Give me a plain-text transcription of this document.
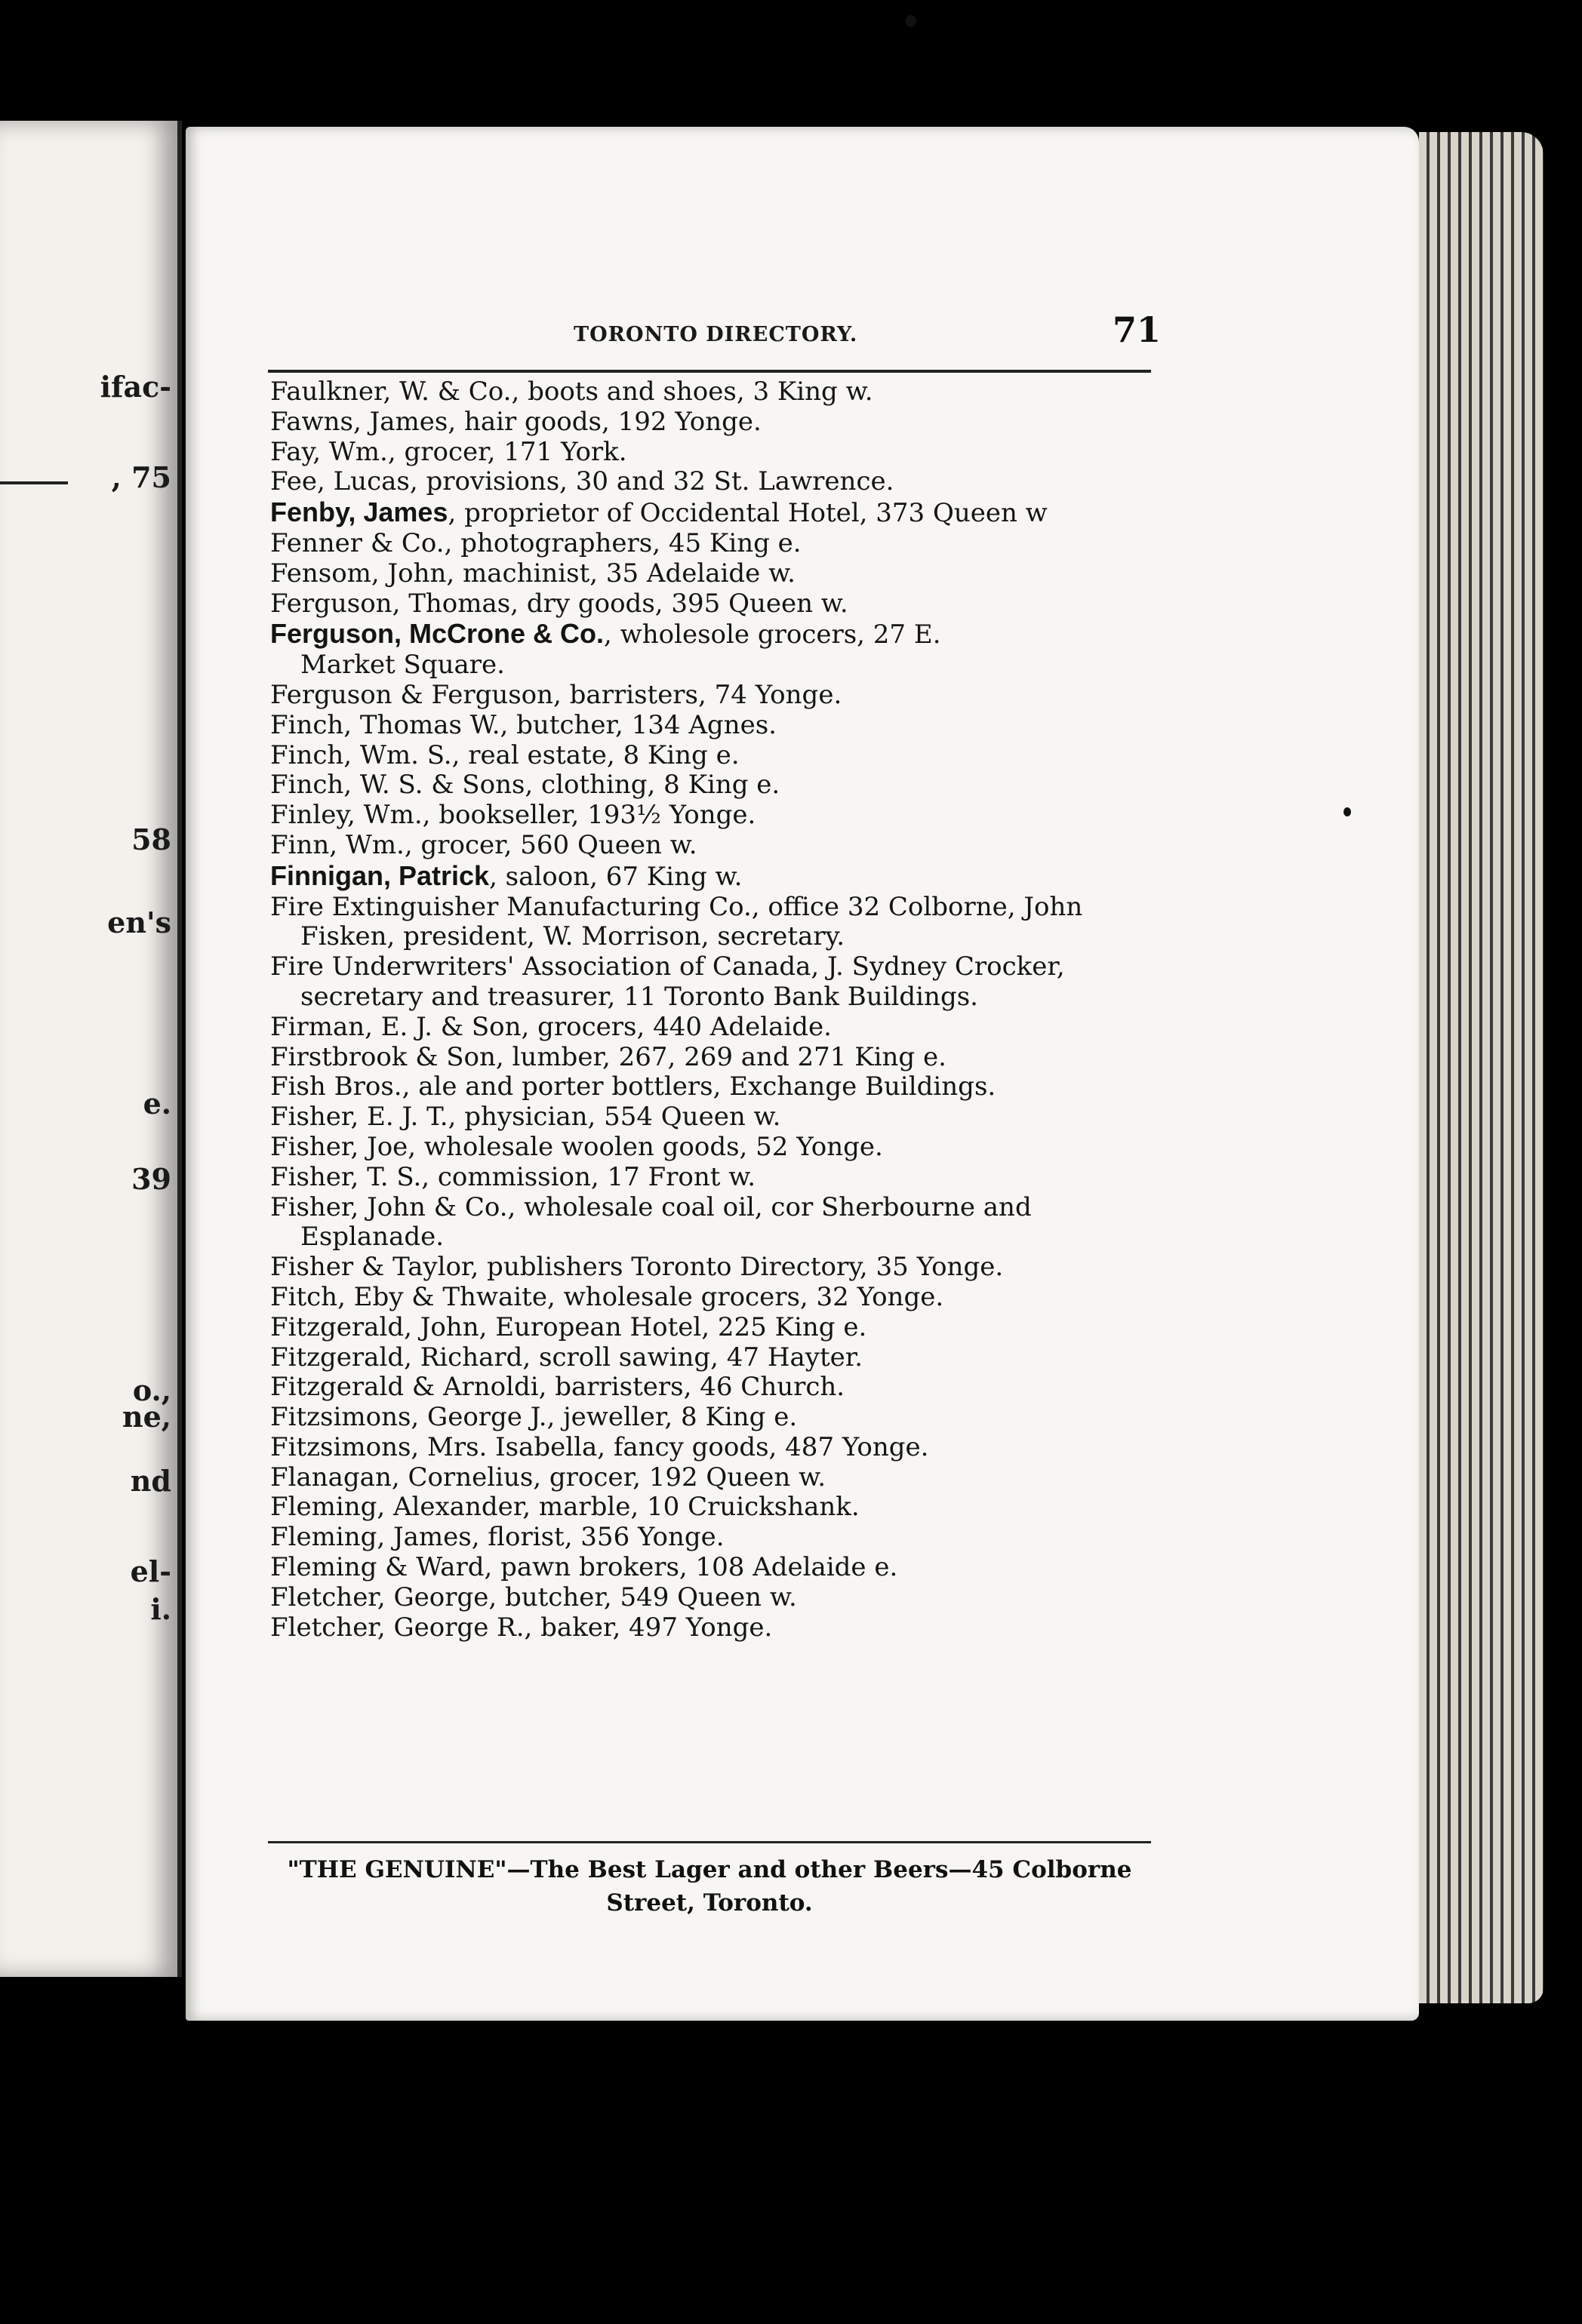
ifac-
, 75
58
en's
e.
39
o.,
ne,
nd
el-
i.
TORONTO DIRECTORY.	71
Faulkner, W. & Co., boots and shoes, 3 King w.
Fawns, James, hair goods, 192 Yonge.
Fay, Wm., grocer, 171 York.
Fee, Lucas, provisions, 30 and 32 St. Lawrence.
Fenby, James, proprietor of Occidental Hotel, 373 Queen w
Fenner & Co., photographers, 45 King e.
Fensom, John, machinist, 35 Adelaide w.
Ferguson, Thomas, dry goods, 395 Queen w.
Ferguson, McCrone & Co., wholesole grocers, 27 E.
Market Square.
Ferguson & Ferguson, barristers, 74 Yonge.
Finch, Thomas W., butcher, 134 Agnes.
Finch, Wm. S., real estate, 8 King e.
Finch, W. S. & Sons, clothing, 8 King e.
Finley, Wm., bookseller, 193½ Yonge.
Finn, Wm., grocer, 560 Queen w.
Finnigan, Patrick, saloon, 67 King w.
Fire Extinguisher Manufacturing Co., office 32 Colborne, John
Fisken, president, W. Morrison, secretary.
Fire Underwriters' Association of Canada, J. Sydney Crocker,
secretary and treasurer, 11 Toronto Bank Buildings.
Firman, E. J. & Son, grocers, 440 Adelaide.
Firstbrook & Son, lumber, 267, 269 and 271 King e.
Fish Bros., ale and porter bottlers, Exchange Buildings.
Fisher, E. J. T., physician, 554 Queen w.
Fisher, Joe, wholesale woolen goods, 52 Yonge.
Fisher, T. S., commission, 17 Front w.
Fisher, John & Co., wholesale coal oil, cor Sherbourne and
Esplanade.
Fisher & Taylor, publishers Toronto Directory, 35 Yonge.
Fitch, Eby & Thwaite, wholesale grocers, 32 Yonge.
Fitzgerald, John, European Hotel, 225 King e.
Fitzgerald, Richard, scroll sawing, 47 Hayter.
Fitzgerald & Arnoldi, barristers, 46 Church.
Fitzsimons, George J., jeweller, 8 King e.
Fitzsimons, Mrs. Isabella, fancy goods, 487 Yonge.
Flanagan, Cornelius, grocer, 192 Queen w.
Fleming, Alexander, marble, 10 Cruickshank.
Fleming, James, florist, 356 Yonge.
Fleming & Ward, pawn brokers, 108 Adelaide e.
Fletcher, George, butcher, 549 Queen w.
Fletcher, George R., baker, 497 Yonge.
"THE GENUINE"—The Best Lager and other Beers—45 Colborne
Street, Toronto.
